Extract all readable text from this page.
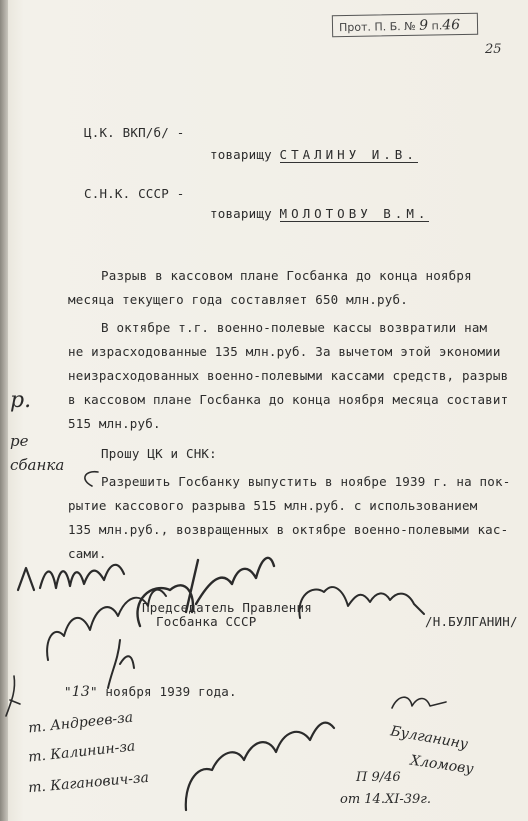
Прот. П. Б. № 9 п.46
25
Ц.К. ВКП/б/ -
товарищу СТАЛИНУ И.В.
С.Н.К. СССР -
товарищу МОЛОТОВУ В.М.
Разрыв в кассовом плане Госбанка до конца ноября
месяца текущего года составляет 650 млн.руб.
В октябре т.г. военно-полевые кассы возвратили нам
не израсходованные 135 млн.руб. За вычетом этой экономии
неизрасходованных военно-полевыми кассами средств, разрыв
в кассовом плане Госбанка до конца ноября месяца составит
515 млн.руб.
Прошу ЦК и СНК:
Разрешить Госбанку выпустить в ноябре 1939 г. на пок-
рытие кассового разрыва 515 млн.руб. с использованием
135 млн.руб., возвращенных в октябре военно-полевыми кас-
сами.
Председатель Правления
Госбанка СССР	/Н.БУЛГАНИН/
"13" ноября 1939 года.
р.
ре
сбанка
т. Андреев-за
т. Калинин-за
т. Каганович-за
Булганину
Хломову
П 9/46
от 14.XI-39г.
